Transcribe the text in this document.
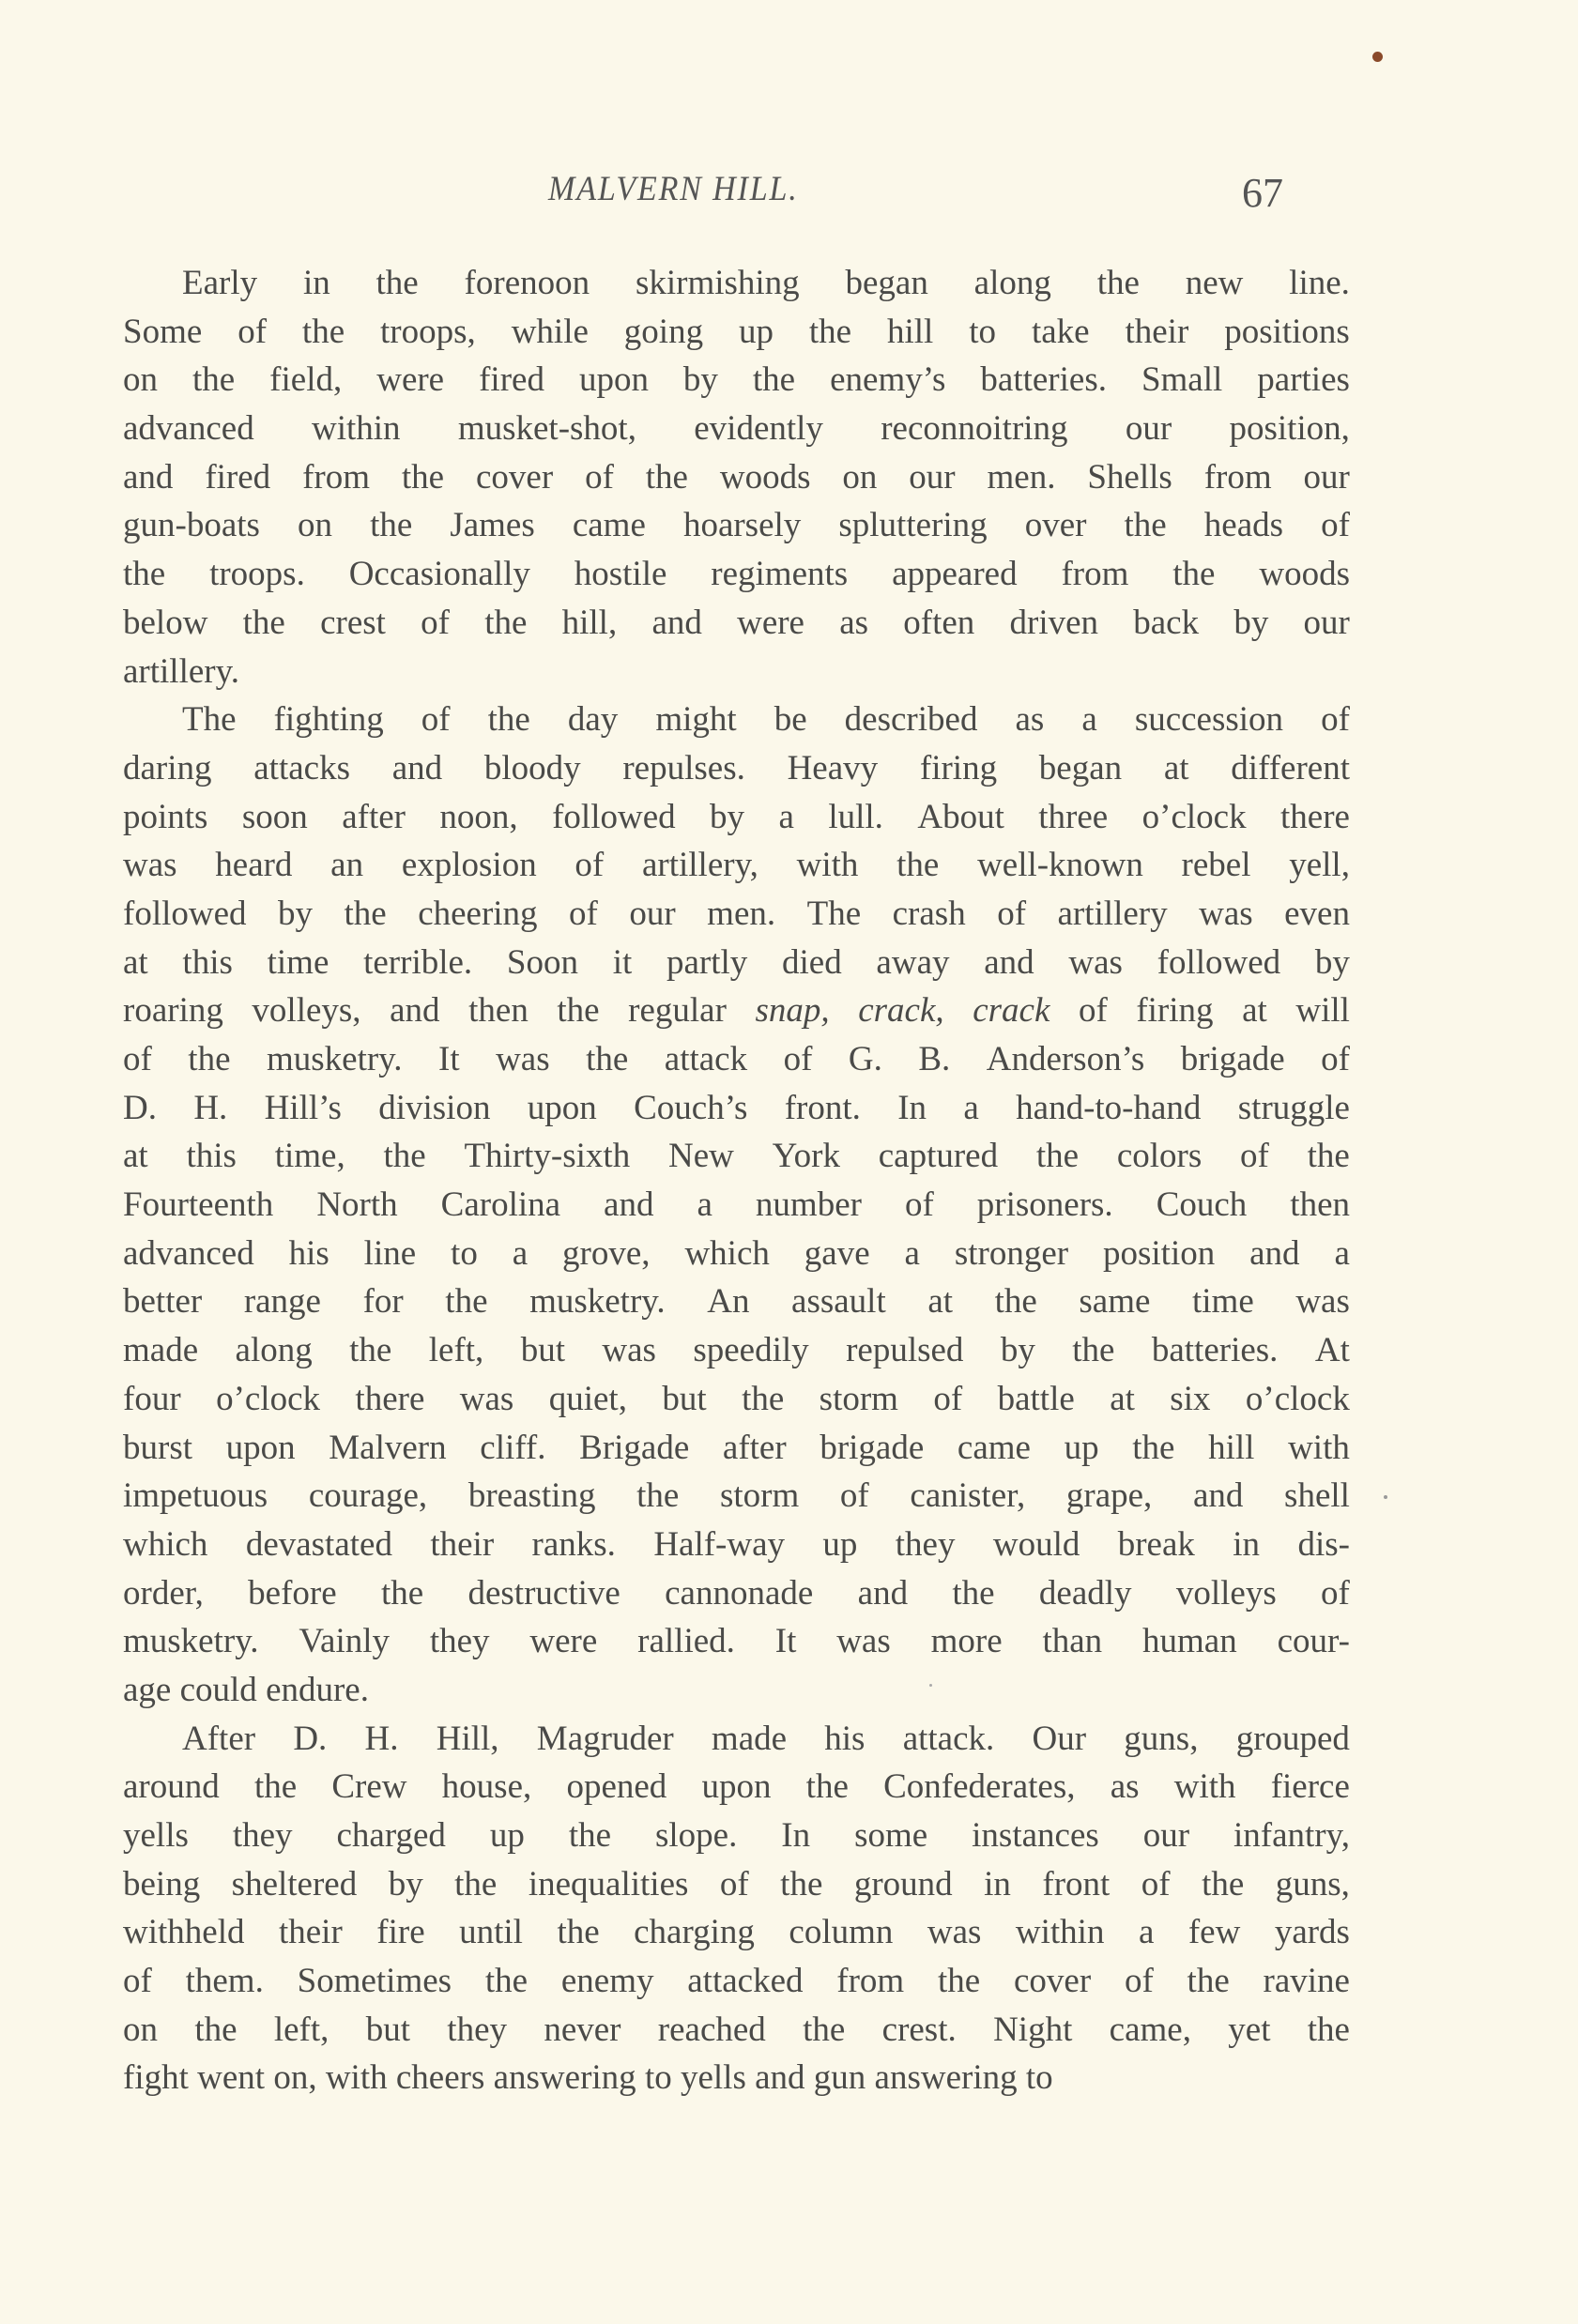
MALVERN HILL.	67
Early in the forenoon skirmishing began along the new line.
Some of the troops, while going up the hill to take their positions
on the field, were fired upon by the enemy’s batteries. Small parties
advanced within musket-shot, evidently reconnoitring our position,
and fired from the cover of the woods on our men. Shells from our
gun-boats on the James came hoarsely spluttering over the heads of
the troops. Occasionally hostile regiments appeared from the woods
below the crest of the hill, and were as often driven back by our
artillery.
The fighting of the day might be described as a succession of
daring attacks and bloody repulses. Heavy firing began at different
points soon after noon, followed by a lull. About three o’clock there
was heard an explosion of artillery, with the well-known rebel yell,
followed by the cheering of our men. The crash of artillery was even
at this time terrible. Soon it partly died away and was followed by
roaring volleys, and then the regular snap, crack, crack of firing at will
of the musketry. It was the attack of G. B. Anderson’s brigade of
D. H. Hill’s division upon Couch’s front. In a hand-to-hand struggle
at this time, the Thirty-sixth New York captured the colors of the
Fourteenth North Carolina and a number of prisoners. Couch then
advanced his line to a grove, which gave a stronger position and a
better range for the musketry. An assault at the same time was
made along the left, but was speedily repulsed by the batteries. At
four o’clock there was quiet, but the storm of battle at six o’clock
burst upon Malvern cliff. Brigade after brigade came up the hill with
impetuous courage, breasting the storm of canister, grape, and shell
which devastated their ranks. Half-way up they would break in dis-
order, before the destructive cannonade and the deadly volleys of
musketry. Vainly they were rallied. It was more than human cour-
age could endure.
After D. H. Hill, Magruder made his attack. Our guns, grouped
around the Crew house, opened upon the Confederates, as with fierce
yells they charged up the slope. In some instances our infantry,
being sheltered by the inequalities of the ground in front of the guns,
withheld their fire until the charging column was within a few yards
of them. Sometimes the enemy attacked from the cover of the ravine
on the left, but they never reached the crest. Night came, yet the
fight went on, with cheers answering to yells and gun answering to
